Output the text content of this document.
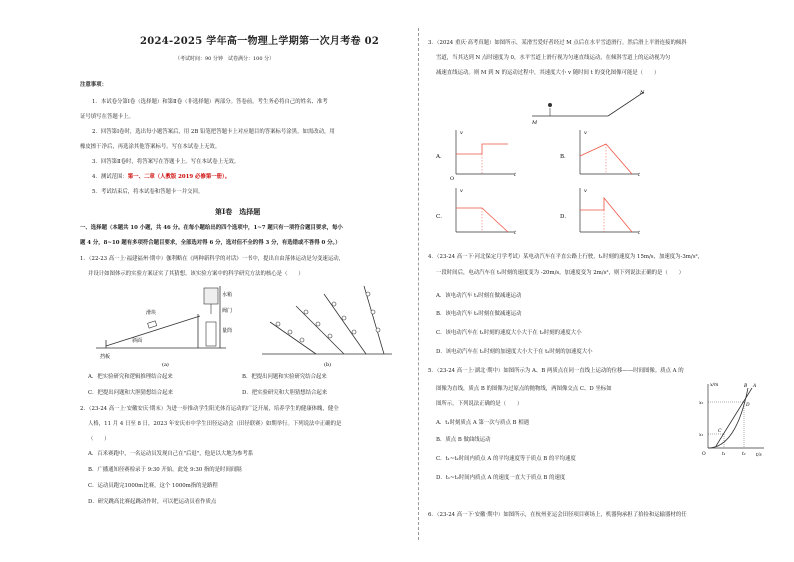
2024-2025 学年高一物理上学期第一次月考卷 02
（考试时间：90 分钟　试卷满分：100 分）
注意事项：
1．本试卷分第Ⅰ卷（选择题）和第Ⅱ卷（非选择题）两部分。答卷前，考生务必将自己的姓名、准考
证号填写在答题卡上。
2．回答第Ⅰ卷时，选出每小题答案后，用 2B 铅笔把答题卡上对应题目的答案标号涂黑。如需改动，用
橡皮擦干净后，再选涂其他答案标号。写在本试卷上无效。
3．回答第Ⅱ卷时，将答案写在答题卡上。写在本试卷上无效。
4．测试范围：第一、二章（人教版 2019 必修第一册）。
5．考试结束后，将本试卷和答题卡一并交回。
第Ⅰ卷　选择题
一、选择题（本题共 10 小题，共 46 分。在每小题给出的四个选项中，1~7 题只有一项符合题目要求，每小
题 4 分，8~10 题有多项符合题目要求，全部选对得 6 分，选对但不全的得 3 分，有选错或不答得 0 分。）
1．（22-23 高一上·福建福州·期中）伽利略在《两种新科学的对话》一书中，提出自由落体运动是匀变速运动，
并设计如图体示的实验方案证实了其猜想。该实验方案中的科学研究方法的核心是（　　）
滑块
水箱
阀门
量筒
斜面
挡板
(a)	(b)
A．把实验研究和逻辑推理结合起来	B．把提出问题和实验研究结合起来
C．把提出问题和大胆猜想结合起来	D．把实验研究和大胆猜想结合起来
2．（23-24 高一上·安徽安庆·期末）为进一步推动学生阳光体育运动的广泛开展，培养学生的健康体魄，健全
人格，11 月 4 日至 8 日，2023 年安庆市中学生田径运动会（田径联赛）如期举行。下列说法中正确的是
（　　）
A．百米赛跑中，一名运动员发现自己在"后退"，他是以大地为参考系
B．广播通知径赛检录于 9:30 开始，此处 9:30 指的是时间间隔
C．运动员跑完1000m比赛，这个 1000m指的是路程
D．研究跳高比赛起跳动作时，可以把运动员看作质点
3．（2024 重庆·高考真题）如图所示，某滑雪爱好者经过 M 点后在水平雪道滑行。然后滑上平滑连接的倾斜
雪道，当其达到 N 点时速度为 0，水平雪道上滑行视为匀速直线运动，在倾斜雪道上的运动视为匀
减速直线运动。则 M 到 N 的运动过程中，其速度大小 v 随时间 t 的变化图像可能是（　　）
M
N
A．
v
t
O
C．
v
t
B．
v
t
D．
v
t
4．（23-24 高一下·河北保定月学考试）某电动汽车在平直公路上行驶，t₁时刻的速度为 15m/s，加速度为-3m/s²，
一段时间后，电动汽车在 t₂时刻的速度变为 -20m/s，加速度变为 2m/s²，则下列说法正确的是（　　）
A．该电动汽车 t₁时刻在做减速运动
B．该电动汽车 t₂时刻在做减速运动
C．该电动汽车在 t₁时刻的速度大小大于在 t₂时刻的速度大小
D．该电动汽车在 t₁时刻的加速度大小大于在 t₂时刻的加速度大小
5．（23-24 高一上·湖北·期中）如图所示为 A、B 两质点在同一直线上运动的位移——时间图像。质点 A 的
图像为直线，质点 B 的图像为过原点的抛物线，两图像交点 C、D 坐标如
图所示。下列说法正确的是（　　）
A．t₁时刻质点 A 第一次与质点 B 相遇
B．质点 B 做曲线运动
C．t₁~t₂时间内质点 A 的平均速度等于质点 B 的平均速度
D．t₁~t₂时间内质点 A 的速度一直大于质点 B 的速度
x/m
t/s
O
x₁
x₂
t₁	t₂
B A
C
D
6．（23-24 高一下·安徽·期中）如图所示，在杭州亚运会田径项目赛场上，机器狗承担了拾捡和运输器材的任
